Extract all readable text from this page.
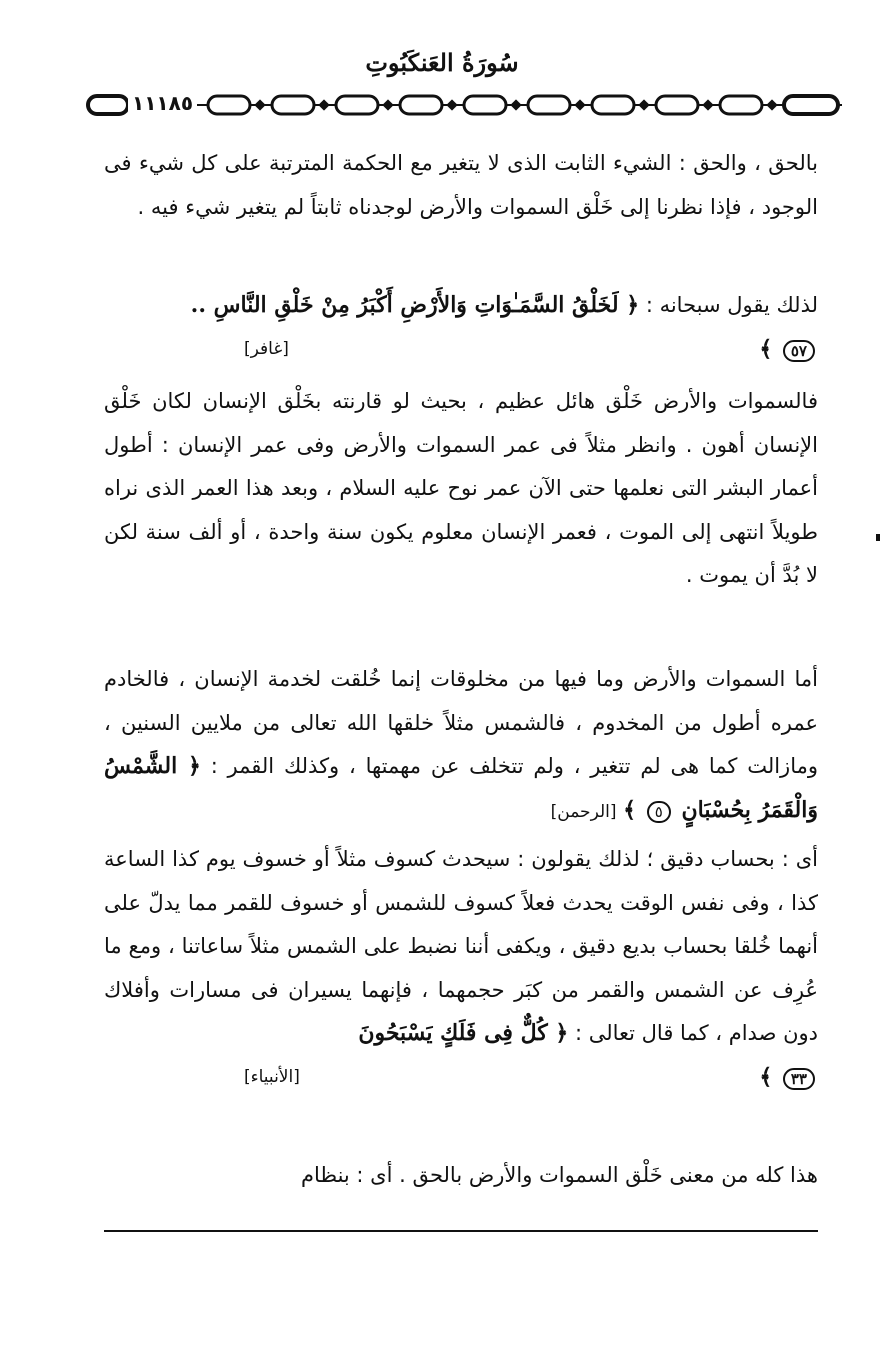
سُورَةُ العَنكَبُوتِ
١١١٨٥
بالحق ، والحق : الشيء الثابت الذى لا يتغير مع الحكمة المترتبة على كل شيء فى الوجود ، فإذا نظرنا إلى خَلْق السموات والأرض لوجدناه ثابتاً لم يتغير شيء فيه .
لذلك يقول سبحانه : ﴿ لَخَلْقُ السَّمَـٰوَاتِ وَالأَرْضِ أَكْبَرُ مِنْ خَلْقِ النَّاسِ ..
٥٧ ﴾
[غافر]
فالسموات والأرض خَلْق هائل عظيم ، بحيث لو قارنته بخَلْق الإنسان لكان خَلْق الإنسان أهون . وانظر مثلاً فى عمر السموات والأرض وفى عمر الإنسان : أطول أعمار البشر التى نعلمها حتى الآن عمر نوح عليه السلام ، وبعد هذا العمر الذى نراه طويلاً انتهى إلى الموت ، فعمر الإنسان معلوم يكون سنة واحدة ، أو ألف سنة لكن لا بُدَّ أن يموت .
أما السموات والأرض وما فيها من مخلوقات إنما خُلقت لخدمة الإنسان ، فالخادم عمره أطول من المخدوم ، فالشمس مثلاً خلقها الله تعالى من ملايين السنين ، ومازالت كما هى لم تتغير ، ولم تتخلف عن مهمتها ، وكذلك القمر : ﴿ الشَّمْسُ وَالْقَمَرُ بِحُسْبَانٍ ٥ ﴾ [الرحمن]
أى : بحساب دقيق ؛ لذلك يقولون : سيحدث كسوف مثلاً أو خسوف يوم كذا الساعة كذا ، وفى نفس الوقت يحدث فعلاً كسوف للشمس أو خسوف للقمر مما يدلّ على أنهما خُلقا بحساب بديع دقيق ، ويكفى أننا نضبط على الشمس مثلاً ساعاتنا ، ومع ما عُرِف عن الشمس والقمر من كبَر حجمهما ، فإنهما يسيران فى مسارات وأفلاك دون صدام ، كما قال تعالى : ﴿ كُلٌّ فِى فَلَكٍ يَسْبَحُونَ
٣٣ ﴾
[الأنبياء]
هذا كله من معنى خَلْق السموات والأرض بالحق . أى : بنظام
